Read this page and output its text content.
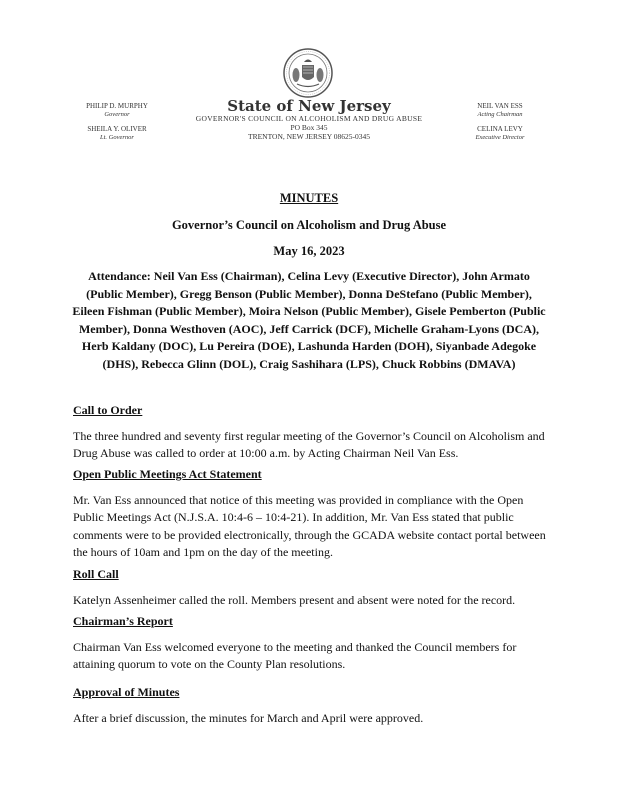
State of New Jersey
GOVERNOR'S COUNCIL ON ALCOHOLISM AND DRUG ABUSE
PO Box 345
TRENTON, NEW JERSEY 08625-0345
PHILIP D. MURPHY
Governor
SHEILA Y. OLIVER
Lt. Governor
NEIL VAN ESS
Acting Chairman
CELINA LEVY
Executive Director
MINUTES
Governor’s Council on Alcoholism and Drug Abuse
May 16, 2023
Attendance: Neil Van Ess (Chairman), Celina Levy (Executive Director), John Armato (Public Member), Gregg Benson (Public Member), Donna DeStefano (Public Member), Eileen Fishman (Public Member), Moira Nelson (Public Member), Gisele Pemberton (Public Member), Donna Westhoven (AOC), Jeff Carrick (DCF), Michelle Graham-Lyons (DCA), Herb Kaldany (DOC), Lu Pereira (DOE), Lashunda Harden (DOH), Siyanbade Adegoke (DHS), Rebecca Glinn (DOL), Craig Sashihara (LPS), Chuck Robbins (DMAVA)
Call to Order

The three hundred and seventy first regular meeting of the Governor’s Council on Alcoholism and Drug Abuse was called to order at 10:00 a.m. by Acting Chairman Neil Van Ess.

Open Public Meetings Act Statement

Mr. Van Ess announced that notice of this meeting was provided in compliance with the Open Public Meetings Act (N.J.S.A. 10:4-6 – 10:4-21). In addition, Mr. Van Ess stated that public comments were to be provided electronically, through the GCADA website contact portal between the hours of 10am and 1pm on the day of the meeting.

Roll Call

Katelyn Assenheimer called the roll. Members present and absent were noted for the record.

Chairman’s Report

Chairman Van Ess welcomed everyone to the meeting and thanked the Council members for attaining quorum to vote on the County Plan resolutions.

Approval of Minutes

After a brief discussion, the minutes for March and April were approved.
